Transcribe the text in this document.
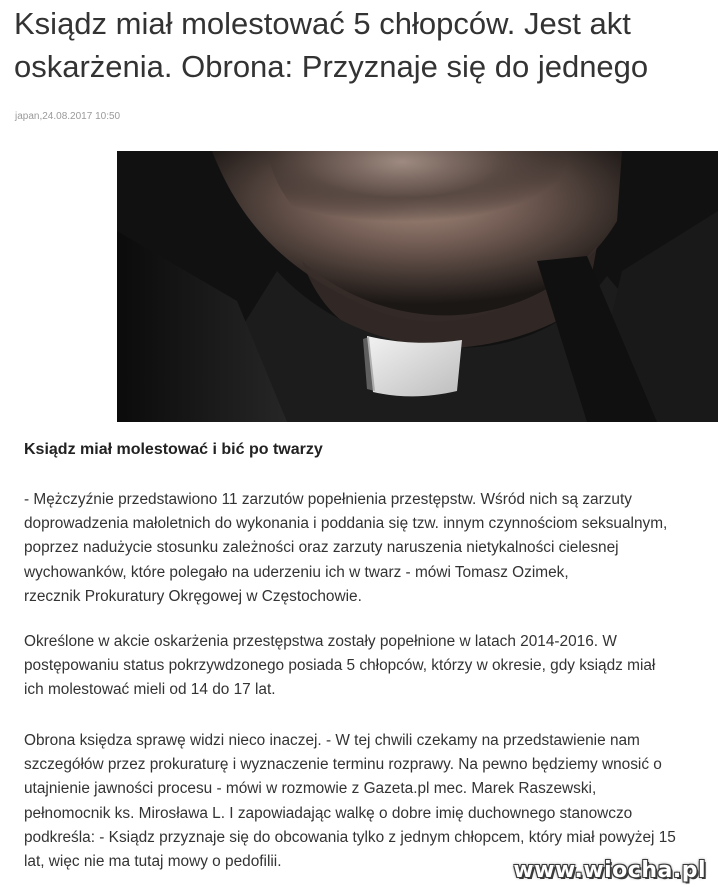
Ksiądz miał molestować 5 chłopców. Jest akt oskarżenia. Obrona: Przyznaje się do jednego
japan,24.08.2017 10:50
Ksiądz miał molestować i bić po twarzy
- Mężczyźnie przedstawiono 11 zarzutów popełnienia przestępstw. Wśród nich są zarzuty
doprowadzenia małoletnich do wykonania i poddania się tzw. innym czynnościom seksualnym,
poprzez nadużycie stosunku zależności oraz zarzuty naruszenia nietykalności cielesnej
wychowanków, które polegało na uderzeniu ich w twarz - mówi Tomasz Ozimek,
rzecznik Prokuratury Okręgowej w Częstochowie.
Określone w akcie oskarżenia przestępstwa zostały popełnione w latach 2014-2016. W
postępowaniu status pokrzywdzonego posiada 5 chłopców, którzy w okresie, gdy ksiądz miał
ich molestować mieli od 14 do 17 lat.
Obrona księdza sprawę widzi nieco inaczej. - W tej chwili czekamy na przedstawienie nam
szczegółów przez prokuraturę i wyznaczenie terminu rozprawy. Na pewno będziemy wnosić o
utajnienie jawności procesu - mówi w rozmowie z Gazeta.pl mec. Marek Raszewski,
pełnomocnik ks. Mirosława L. I zapowiadając walkę o dobre imię duchownego stanowczo
podkreśla: - Ksiądz przyznaje się do obcowania tylko z jednym chłopcem, który miał powyżej 15
lat, więc nie ma tutaj mowy o pedofilii.	www.wiocha.pl
